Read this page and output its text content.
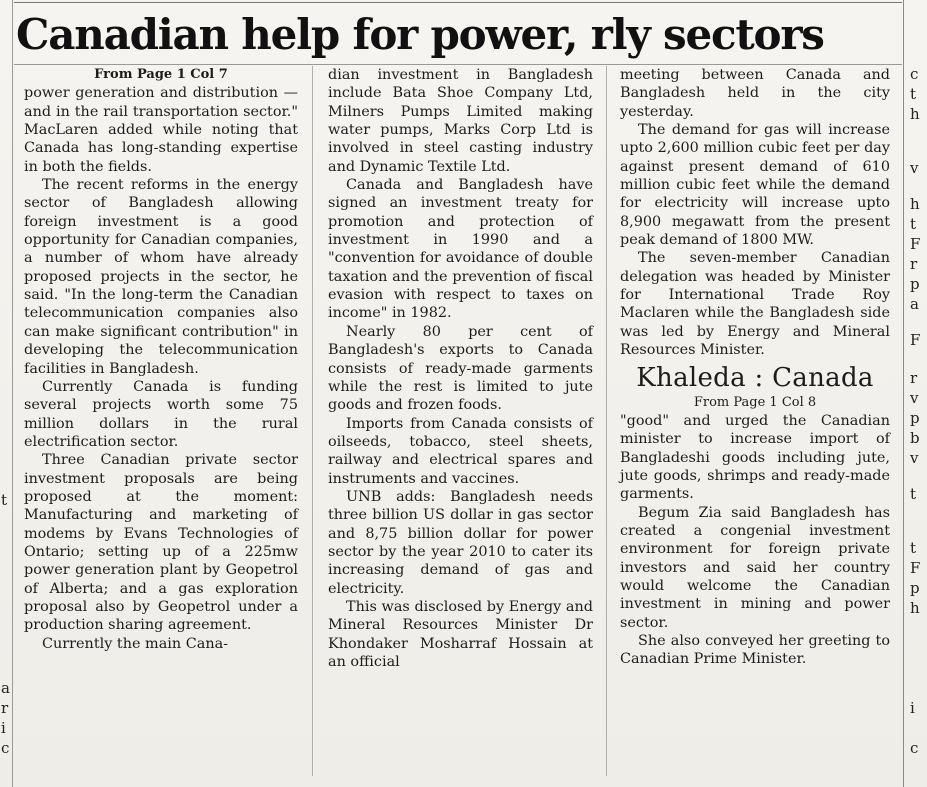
t
a
r
i
c
Canadian help for power, rly sectors
From Page 1 Col 7

power generation and distribution — and in the rail transportation sector." MacLaren added while noting that Canada has long-standing expertise in both the fields.

The recent reforms in the energy sector of Bangladesh allowing foreign investment is a good opportunity for Canadian companies, a number of whom have already proposed projects in the sector, he said. "In the long-term the Canadian telecommunication companies also can make significant contribution" in developing the telecommunication facilities in Bangladesh.

Currently Canada is funding several projects worth some 75 million dollars in the rural electrification sector.

Three Canadian private sector investment proposals are being proposed at the moment: Manufacturing and marketing of modems by Evans Technologies of Ontario; setting up of a 225mw power generation plant by Geopetrol of Alberta; and a gas exploration proposal also by Geopetrol under a production sharing agreement.

Currently the main Cana-

dian investment in Bangladesh include Bata Shoe Company Ltd, Milners Pumps Limited making water pumps, Marks Corp Ltd is involved in steel casting industry and Dynamic Textile Ltd.

Canada and Bangladesh have signed an investment treaty for promotion and protection of investment in 1990 and a "convention for avoidance of double taxation and the prevention of fiscal evasion with respect to taxes on income" in 1982.

Nearly 80 per cent of Bangladesh's exports to Canada consists of ready-made garments while the rest is limited to jute goods and frozen foods.

Imports from Canada consists of oilseeds, tobacco, steel sheets, railway and electrical spares and instruments and vaccines.

UNB adds: Bangladesh needs three billion US dollar in gas sector and 8,75 billion dollar for power sector by the year 2010 to cater its increasing demand of gas and electricity.

This was disclosed by Energy and Mineral Resources Minister Dr Khondaker Mosharraf Hossain at an official

meeting between Canada and Bangladesh held in the city yesterday.

The demand for gas will increase upto 2,600 million cubic feet per day against present demand of 610 million cubic feet while the demand for electricity will increase upto 8,900 megawatt from the present peak demand of 1800 MW.

The seven-member Canadian delegation was headed by Minister for International Trade Roy Maclaren while the Bangladesh side was led by Energy and Mineral Resources Minister.

Khaleda : Canada
From Page 1 Col 8

"good" and urged the Canadian minister to increase import of Bangladeshi goods including jute, jute goods, shrimps and ready-made garments.

Begum Zia said Bangladesh has created a congenial investment environment for foreign private investors and said her country would welcome the Canadian investment in mining and power sector.

She also conveyed her greeting to Canadian Prime Minister.

c
t
h
v
h
t
F
r
p
a
F
r
v
p
b
v
t
t
F
p
h
i
c
